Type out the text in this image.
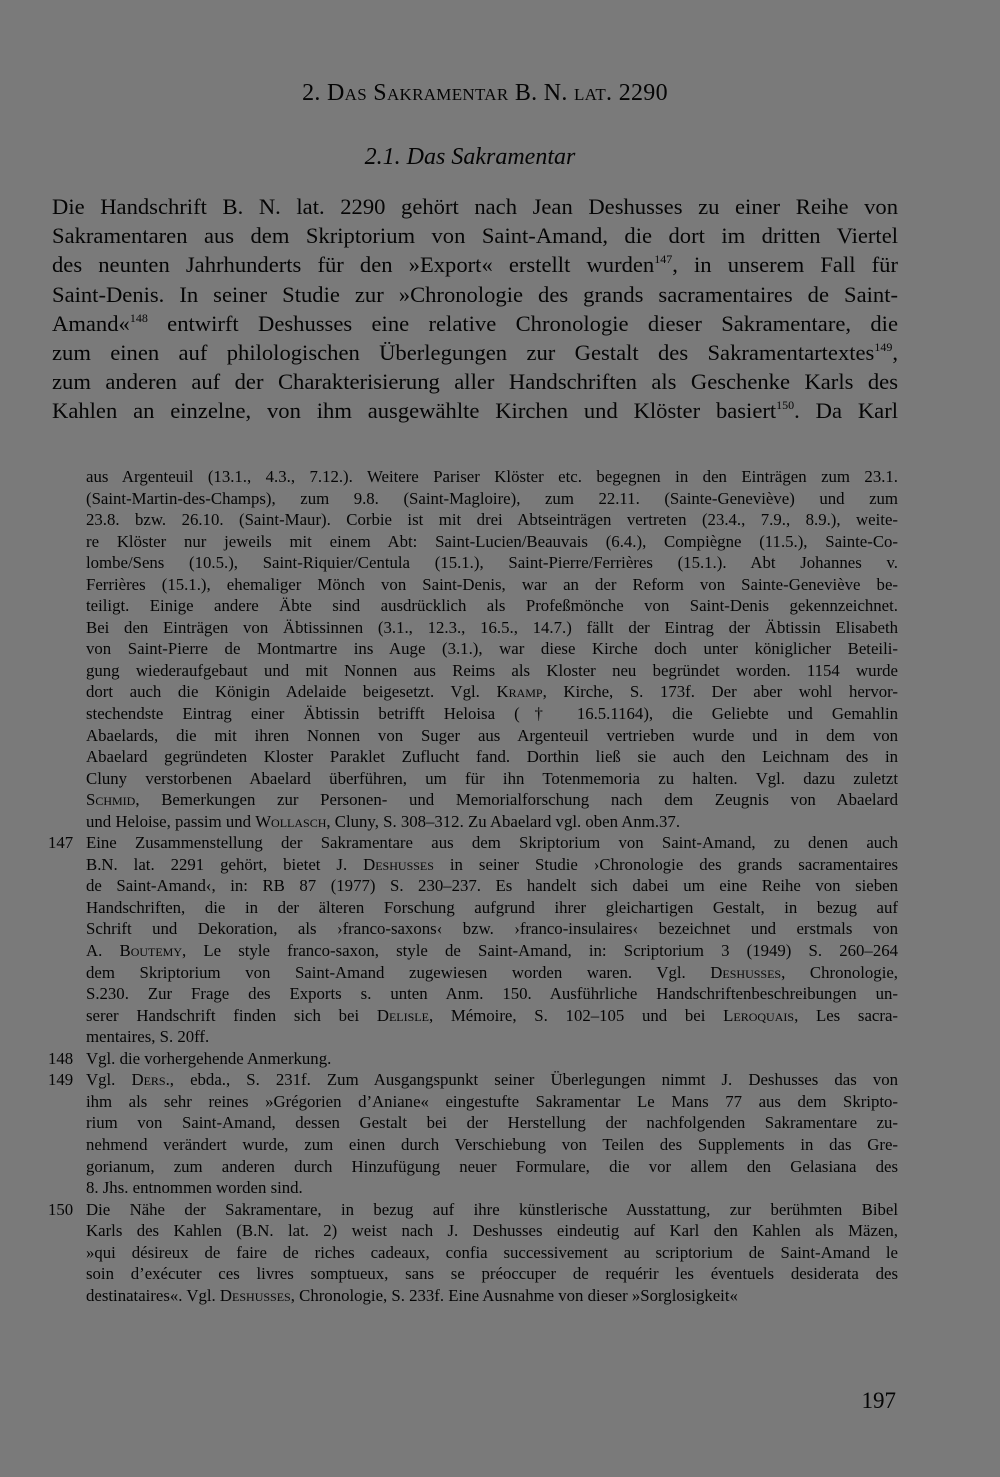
2. Das Sakramentar B. N. lat. 2290
2.1. Das Sakramentar
Die Handschrift B. N. lat. 2290 gehört nach Jean Deshusses zu einer Reihe von
Sakramentaren aus dem Skriptorium von Saint-Amand, die dort im dritten Viertel
des neunten Jahrhunderts für den »Export« erstellt wurden$^{147}$, in unserem Fall für
Saint-Denis. In seiner Studie zur »Chronologie des grands sacramentaires de Saint-
Amand«$^{148}$ entwirft Deshusses eine relative Chronologie dieser Sakramentare, die
zum einen auf philologischen Überlegungen zur Gestalt des Sakramentartextes$^{149}$,
zum anderen auf der Charakterisierung aller Handschriften als Geschenke Karls des
Kahlen an einzelne, von ihm ausgewählte Kirchen und Klöster basiert$^{150}$. Da Karl
aus Argenteuil (13.1., 4.3., 7.12.). Weitere Pariser Klöster etc. begegnen in den Einträgen zum 23.1.
(Saint-Martin-des-Champs), zum 9.8. (Saint-Magloire), zum 22.11. (Sainte-Geneviève) und zum
23.8. bzw. 26.10. (Saint-Maur). Corbie ist mit drei Abtseinträgen vertreten (23.4., 7.9., 8.9.), weite-
re Klöster nur jeweils mit einem Abt: Saint-Lucien/Beauvais (6.4.), Compiègne (11.5.), Sainte-Co-
lombe/Sens (10.5.), Saint-Riquier/Centula (15.1.), Saint-Pierre/Ferrières (15.1.). Abt Johannes v.
Ferrières (15.1.), ehemaliger Mönch von Saint-Denis, war an der Reform von Sainte-Geneviève be-
teiligt. Einige andere Äbte sind ausdrücklich als Profeßmönche von Saint-Denis gekennzeichnet.
Bei den Einträgen von Äbtissinnen (3.1., 12.3., 16.5., 14.7.) fällt der Eintrag der Äbtissin Elisabeth
von Saint-Pierre de Montmartre ins Auge (3.1.), war diese Kirche doch unter königlicher Beteili-
gung wiederaufgebaut und mit Nonnen aus Reims als Kloster neu begründet worden. 1154 wurde
dort auch die Königin Adelaide beigesetzt. Vgl. Kramp, Kirche, S. 173f. Der aber wohl hervor-
stechendste Eintrag einer Äbtissin betrifft Heloisa († 16.5.1164), die Geliebte und Gemahlin
Abaelards, die mit ihren Nonnen von Suger aus Argenteuil vertrieben wurde und in dem von
Abaelard gegründeten Kloster Paraklet Zuflucht fand. Dorthin ließ sie auch den Leichnam des in
Cluny verstorbenen Abaelard überführen, um für ihn Totenmemoria zu halten. Vgl. dazu zuletzt
Schmid, Bemerkungen zur Personen- und Memorialforschung nach dem Zeugnis von Abaelard
und Heloise, passim und Wollasch, Cluny, S. 308–312. Zu Abaelard vgl. oben Anm.37.
147 Eine Zusammenstellung der Sakramentare aus dem Skriptorium von Saint-Amand, zu denen auch
B.N. lat. 2291 gehört, bietet J. Deshusses in seiner Studie ›Chronologie des grands sacramentaires
de Saint-Amand‹, in: RB 87 (1977) S. 230–237. Es handelt sich dabei um eine Reihe von sieben
Handschriften, die in der älteren Forschung aufgrund ihrer gleichartigen Gestalt, in bezug auf
Schrift und Dekoration, als ›franco-saxons‹ bzw. ›franco-insulaires‹ bezeichnet und erstmals von
A. Boutemy, Le style franco-saxon, style de Saint-Amand, in: Scriptorium 3 (1949) S. 260–264
dem Skriptorium von Saint-Amand zugewiesen worden waren. Vgl. Deshusses, Chronologie,
S.230. Zur Frage des Exports s. unten Anm. 150. Ausführliche Handschriftenbeschreibungen un-
serer Handschrift finden sich bei Delisle, Mémoire, S. 102–105 und bei Leroquais, Les sacra-
mentaires, S. 20ff.
148 Vgl. die vorhergehende Anmerkung.
149 Vgl. Ders., ebda., S. 231f. Zum Ausgangspunkt seiner Überlegungen nimmt J. Deshusses das von
ihm als sehr reines »Grégorien d’Aniane« eingestufte Sakramentar Le Mans 77 aus dem Skripto-
rium von Saint-Amand, dessen Gestalt bei der Herstellung der nachfolgenden Sakramentare zu-
nehmend verändert wurde, zum einen durch Verschiebung von Teilen des Supplements in das Gre-
gorianum, zum anderen durch Hinzufügung neuer Formulare, die vor allem den Gelasiana des
8. Jhs. entnommen worden sind.
150 Die Nähe der Sakramentare, in bezug auf ihre künstlerische Ausstattung, zur berühmten Bibel
Karls des Kahlen (B.N. lat. 2) weist nach J. Deshusses eindeutig auf Karl den Kahlen als Mäzen,
»qui désireux de faire de riches cadeaux, confia successivement au scriptorium de Saint-Amand le
soin d’exécuter ces livres somptueux, sans se préoccuper de requérir les éventuels desiderata des
destinataires«. Vgl. Deshusses, Chronologie, S. 233f. Eine Ausnahme von dieser »Sorglosigkeit«
197
